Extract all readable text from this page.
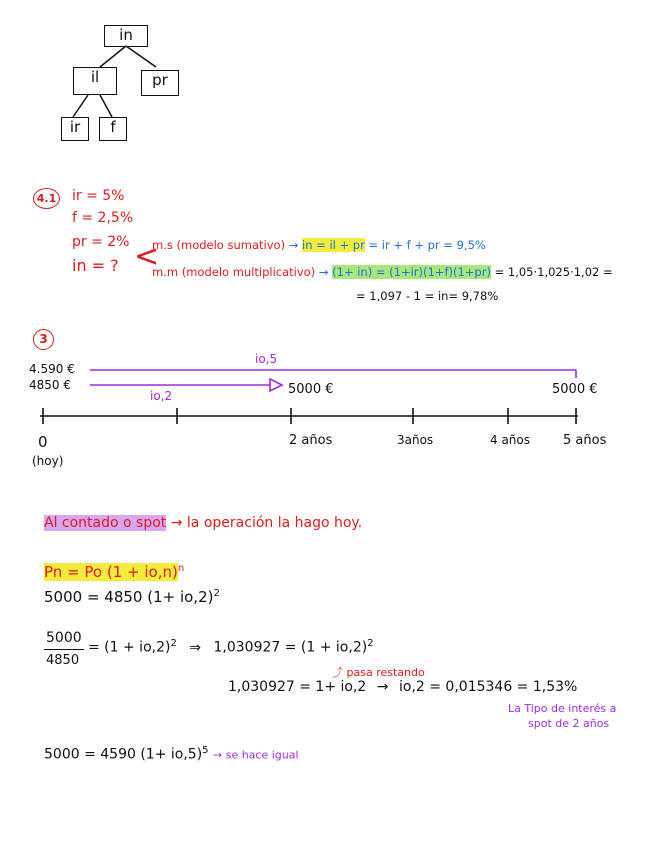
in
il	pr
ir	f
4.1 ir = 5%
f = 2,5%
pr = 2%
in = ? <
m.s (modelo sumativo) → in = il + pr = ir + f + pr = 9,5%
m.m (modelo multiplicativo) → (1+ in) = (1+ir)(1+f)(1+pr) = 1,05·1,025·1,02 =
= 1,097 - 1 = in= 9,78%
3
io,5
io,2
4.590 €
4850 €	5000 €	5000 €
0
(hoy)
2 años	3años	4 años	5 años
Al contado o spot → la operación la hago hoy.
Pn = Po $(1 + io,n)^n$
5000 = 4850 $(1+ io,2)^2$
5000
4850
= $(1 + io,2)^2$ ⇒ $1,030927 = (1 + io,2)^2$
⤴ pasa restando
1,030927 = 1+ io,2 → io,2 = 0,015346 = 1,53%
La Tipo de interés a
spot de 2 años
5000 = 4590 $(1+ io,5)^5$ → se hace igual
